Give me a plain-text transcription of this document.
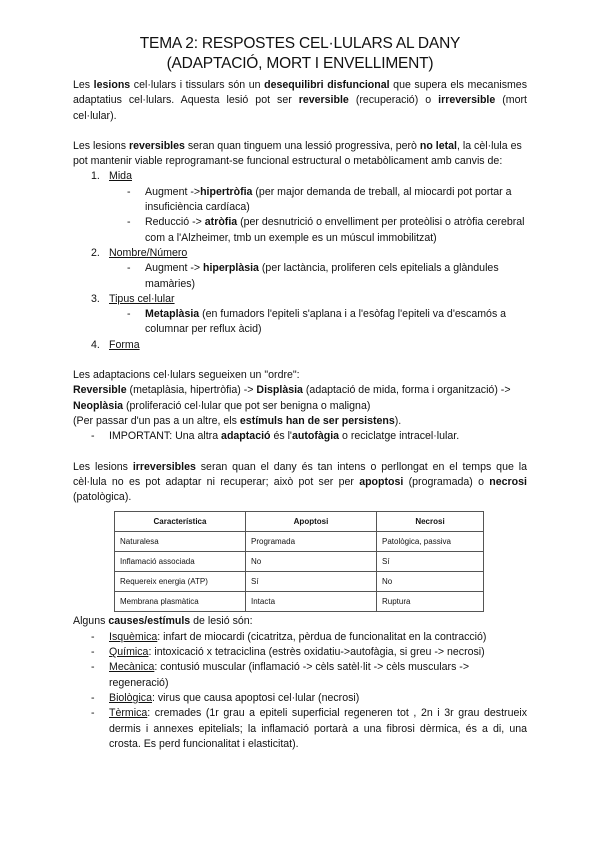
TEMA 2: RESPOSTES CEL·LULARS AL DANY
(ADAPTACIÓ, MORT I ENVELLIMENT)

Les lesions cel·lulars i tissulars són un desequilibri disfuncional que supera els mecanismes adaptatius cel·lulars. Aquesta lesió pot ser reversible (recuperació) o irreversible (mort cel·lular).

Les lesions reversibles seran quan tinguem una lessió progressiva, però no letal, la cèl·lula es pot mantenir viable reprogramant-se funcional estructural o metabòlicament amb canvis de:

1. Mida
- Augment ->hipertròfia (per major demanda de treball, al miocardi pot portar a insuficiència cardíaca)
- Reducció -> atròfia (per desnutrició o envelliment per proteòlisi o atròfia cerebral com a l'Alzheimer, tmb un exemple es un múscul immobilitzat)
2. Nombre/Número
- Augment -> hiperplàsia (per lactància, proliferen cels epitelials a glàndules mamàries)
3. Tipus cel·lular
- Metaplàsia (en fumadors l'epiteli s'aplana i a l'esòfag l'epiteli va d'escamós a columnar per reflux àcid)
4. Forma

Les adaptacions cel·lulars segueixen un "ordre":

Reversible (metaplàsia, hipertròfia) -> Displàsia (adaptació de mida, forma i organització) -> Neoplàsia (proliferació cel·lular que pot ser benigna o maligna)

(Per passar d'un pas a un altre, els estímuls han de ser persistens).

- IMPORTANT: Una altra adaptació és l'autofàgia o reciclatge intracel·lular.

Les lesions irreversibles seran quan el dany és tan intens o perllongat en el temps que la cèl·lula no es pot adaptar ni recuperar; això pot ser per apoptosi (programada) o necrosi (patològica).

Característica	Apoptosi	Necrosi
Naturalesa	Programada	Patològica, passiva
Inflamació associada	No	Sí
Requereix energia (ATP)	Sí	No
Membrana plasmàtica	Intacta	Ruptura

Alguns causes/estímuls de lesió són:

- Isquèmica: infart de miocardi (cicatritza, pèrdua de funcionalitat en la contracció)
- Química: intoxicació x tetraciclina (estrès oxidatiu->autofàgia, si greu -> necrosi)
- Mecànica: contusió muscular (inflamació -> cèls satèl·lit -> cèls musculars -> regeneració)
- Biològica: virus que causa apoptosi cel·lular (necrosi)
- Tèrmica: cremades (1r grau a epiteli superficial regeneren tot , 2n i 3r grau destrueix dermis i annexes epitelials; la inflamació portarà a una fibrosi dèrmica, és a di, una crosta. Es perd funcionalitat i elasticitat).
